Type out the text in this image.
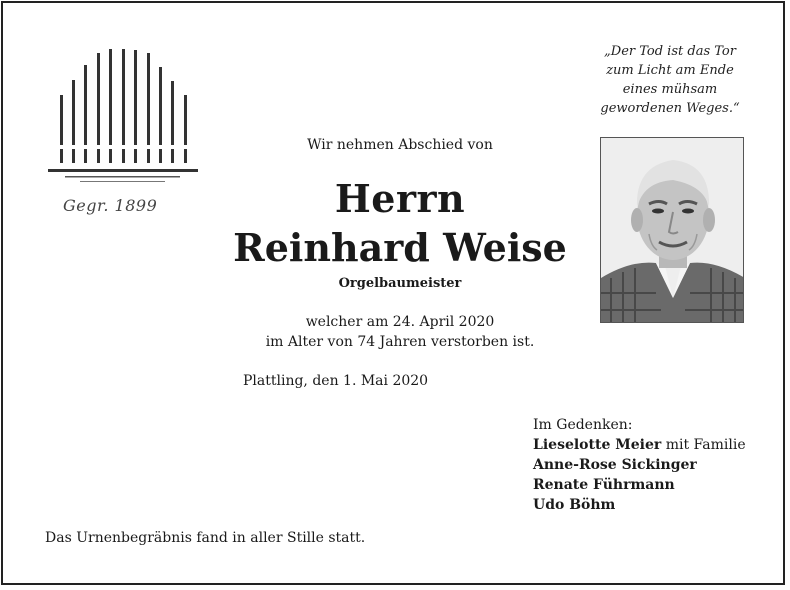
Gegr. 1899
„Der Tod ist das Tor
zum Licht am Ende
eines mühsam
gewordenen Weges.“
Wir nehmen Abschied von
Herrn
Reinhard Weise
Orgelbaumeister
welcher am 24. April 2020
im Alter von 74 Jahren verstorben ist.
Plattling, den 1. Mai 2020
Im Gedenken:
Lieselotte Meier mit Familie
Anne-Rose Sickinger
Renate Führmann
Udo Böhm
Das Urnenbegräbnis fand in aller Stille statt.
